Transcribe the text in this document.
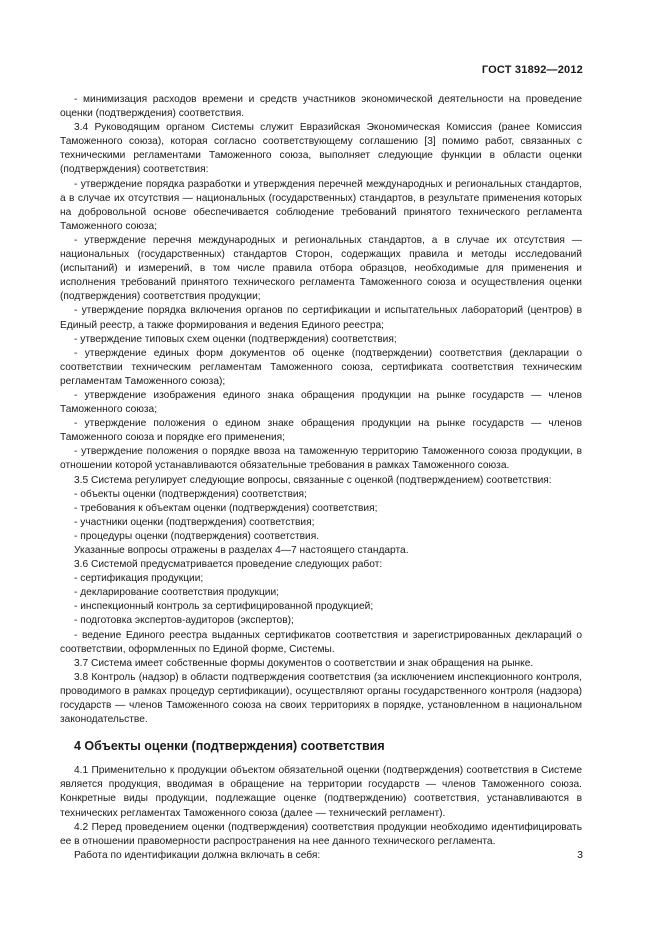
ГОСТ 31892—2012

- минимизация расходов времени и средств участников экономической деятельности на проведение оценки (подтверждения) соответствия.

3.4 Руководящим органом Системы служит Евразийская Экономическая Комиссия (ранее Комиссия Таможенного союза), которая согласно соответствующему соглашению [3] помимо работ, связанных с техническими регламентами Таможенного союза, выполняет следующие функции в области оценки (подтверждения) соответствия:

- утверждение порядка разработки и утверждения перечней международных и региональных стандартов, а в случае их отсутствия — национальных (государственных) стандартов, в результате применения которых на добровольной основе обеспечивается соблюдение требований принятого технического регламента Таможенного союза;

- утверждение перечня международных и региональных стандартов, а в случае их отсутствия — национальных (государственных) стандартов Сторон, содержащих правила и методы исследований (испытаний) и измерений, в том числе правила отбора образцов, необходимые для применения и исполнения требований принятого технического регламента Таможенного союза и осуществления оценки (подтверждения) соответствия продукции;

- утверждение порядка включения органов по сертификации и испытательных лабораторий (центров) в Единый реестр, а также формирования и ведения Единого реестра;

- утверждение типовых схем оценки (подтверждения) соответствия;

- утверждение единых форм документов об оценке (подтверждении) соответствия (декларации о соответствии техническим регламентам Таможенного союза, сертификата соответствия техническим регламентам Таможенного союза);

- утверждение изображения единого знака обращения продукции на рынке государств — членов Таможенного союза;

- утверждение положения о едином знаке обращения продукции на рынке государств — членов Таможенного союза и порядке его применения;

- утверждение положения о порядке ввоза на таможенную территорию Таможенного союза продукции, в отношении которой устанавливаются обязательные требования в рамках Таможенного союза.

3.5 Система регулирует следующие вопросы, связанные с оценкой (подтверждением) соответствия:

- объекты оценки (подтверждения) соответствия;

- требования к объектам оценки (подтверждения) соответствия;

- участники оценки (подтверждения) соответствия;

- процедуры оценки (подтверждения) соответствия.

Указанные вопросы отражены в разделах 4—7 настоящего стандарта.

3.6 Системой предусматривается проведение следующих работ:

- сертификация продукции;

- декларирование соответствия продукции;

- инспекционный контроль за сертифицированной продукцией;

- подготовка экспертов-аудиторов (экспертов);

- ведение Единого реестра выданных сертификатов соответствия и зарегистрированных деклараций о соответствии, оформленных по Единой форме, Системы.

3.7 Система имеет собственные формы документов о соответствии и знак обращения на рынке.

3.8 Контроль (надзор) в области подтверждения соответствия (за исключением инспекционного контроля, проводимого в рамках процедур сертификации), осуществляют органы государственного контроля (надзора) государств — членов Таможенного союза на своих территориях в порядке, установленном в национальном законодательстве.

4 Объекты оценки (подтверждения) соответствия

4.1 Применительно к продукции объектом обязательной оценки (подтверждения) соответствия в Системе является продукция, вводимая в обращение на территории государств — членов Таможенного союза. Конкретные виды продукции, подлежащие оценке (подтверждению) соответствия, устанавливаются в технических регламентах Таможенного союза (далее — технический регламент).

4.2 Перед проведением оценки (подтверждения) соответствия продукции необходимо идентифицировать ее в отношении правомерности распространения на нее данного технического регламента.

Работа по идентификации должна включать в себя:	3
